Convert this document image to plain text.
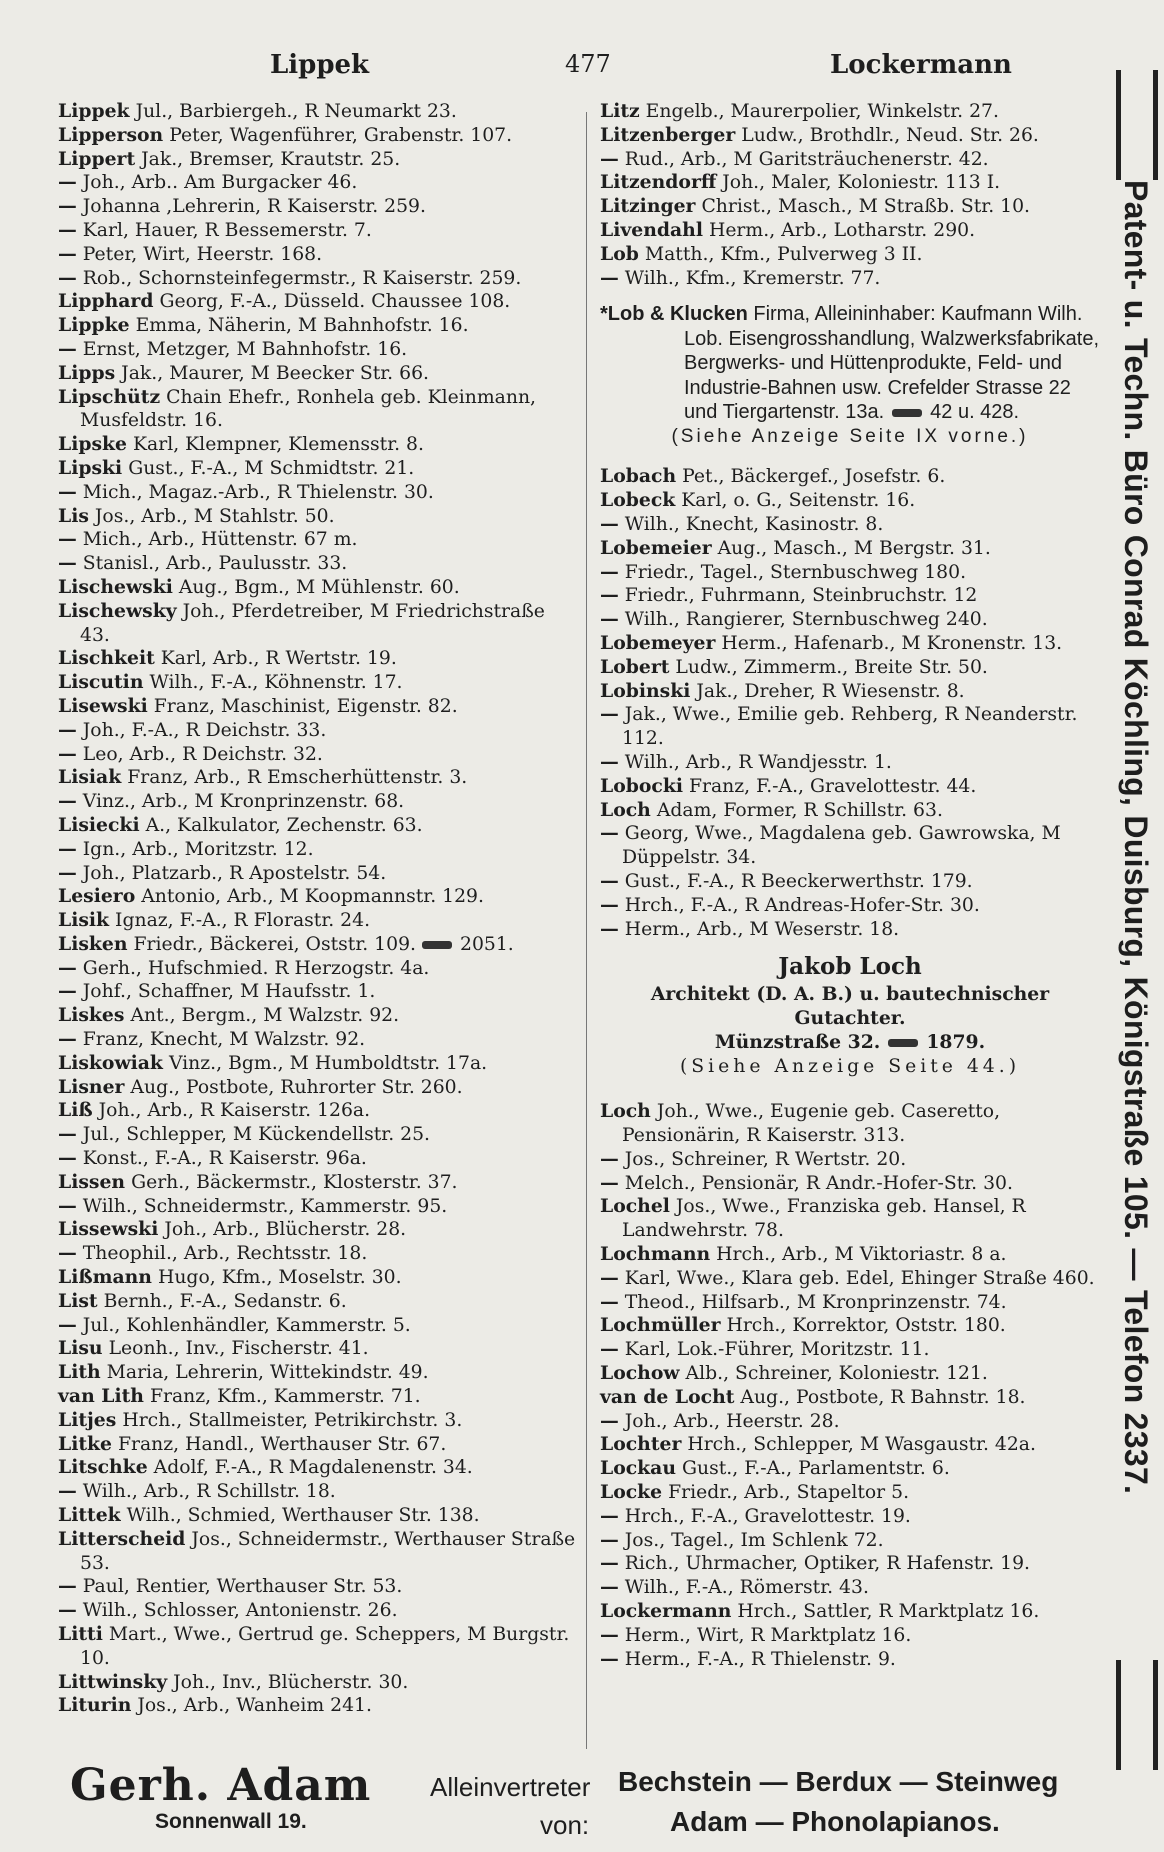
Lippek	477	Lockermann
Lippek Jul., Barbiergeh., R Neumarkt 23.
Lipperson Peter, Wagenführer, Grabenstr. 107.
Lippert Jak., Bremser, Krautstr. 25.
— Joh., Arb.. Am Burgacker 46.
— Johanna ,Lehrerin, R Kaiserstr. 259.
— Karl, Hauer, R Bessemerstr. 7.
— Peter, Wirt, Heerstr. 168.
— Rob., Schornsteinfegermstr., R Kaiserstr. 259.
Lipphard Georg, F.-A., Düsseld. Chaussee 108.
Lippke Emma, Näherin, M Bahnhofstr. 16.
— Ernst, Metzger, M Bahnhofstr. 16.
Lipps Jak., Maurer, M Beecker Str. 66.
Lipschütz Chain Ehefr., Ronhela geb. Kleinmann, Musfeldstr. 16.
Lipske Karl, Klempner, Klemensstr. 8.
Lipski Gust., F.-A., M Schmidtstr. 21.
— Mich., Magaz.-Arb., R Thielenstr. 30.
Lis Jos., Arb., M Stahlstr. 50.
— Mich., Arb., Hüttenstr. 67 m.
— Stanisl., Arb., Paulusstr. 33.
Lischewski Aug., Bgm., M Mühlenstr. 60.
Lischewsky Joh., Pferdetreiber, M Friedrichstraße 43.
Lischkeit Karl, Arb., R Wertstr. 19.
Liscutin Wilh., F.-A., Köhnenstr. 17.
Lisewski Franz, Maschinist, Eigenstr. 82.
— Joh., F.-A., R Deichstr. 33.
— Leo, Arb., R Deichstr. 32.
Lisiak Franz, Arb., R Emscherhüttenstr. 3.
— Vinz., Arb., M Kronprinzenstr. 68.
Lisiecki A., Kalkulator, Zechenstr. 63.
— Ign., Arb., Moritzstr. 12.
— Joh., Platzarb., R Apostelstr. 54.
Lesiero Antonio, Arb., M Koopmannstr. 129.
Lisik Ignaz, F.-A., R Florastr. 24.
Lisken Friedr., Bäckerei, Oststr. 109. 2051.
— Gerh., Hufschmied. R Herzogstr. 4a.
— Johf., Schaffner, M Haufsstr. 1.
Liskes Ant., Bergm., M Walzstr. 92.
— Franz, Knecht, M Walzstr. 92.
Liskowiak Vinz., Bgm., M Humboldtstr. 17a.
Lisner Aug., Postbote, Ruhrorter Str. 260.
Liß Joh., Arb., R Kaiserstr. 126a.
— Jul., Schlepper, M Kückendellstr. 25.
— Konst., F.-A., R Kaiserstr. 96a.
Lissen Gerh., Bäckermstr., Klosterstr. 37.
— Wilh., Schneidermstr., Kammerstr. 95.
Lissewski Joh., Arb., Blücherstr. 28.
— Theophil., Arb., Rechtsstr. 18.
Lißmann Hugo, Kfm., Moselstr. 30.
List Bernh., F.-A., Sedanstr. 6.
— Jul., Kohlenhändler, Kammerstr. 5.
Lisu Leonh., Inv., Fischerstr. 41.
Lith Maria, Lehrerin, Wittekindstr. 49.
van Lith Franz, Kfm., Kammerstr. 71.
Litjes Hrch., Stallmeister, Petrikirchstr. 3.
Litke Franz, Handl., Werthauser Str. 67.
Litschke Adolf, F.-A., R Magdalenenstr. 34.
— Wilh., Arb., R Schillstr. 18.
Littek Wilh., Schmied, Werthauser Str. 138.
Litterscheid Jos., Schneidermstr., Werthauser Straße 53.
— Paul, Rentier, Werthauser Str. 53.
— Wilh., Schlosser, Antonienstr. 26.
Litti Mart., Wwe., Gertrud ge. Scheppers, M Burgstr. 10.
Littwinsky Joh., Inv., Blücherstr. 30.
Liturin Jos., Arb., Wanheim 241.
Litz Engelb., Maurerpolier, Winkelstr. 27.
Litzenberger Ludw., Brothdlr., Neud. Str. 26.
— Rud., Arb., M Garitsträuchenerstr. 42.
Litzendorff Joh., Maler, Koloniestr. 113 I.
Litzinger Christ., Masch., M Straßb. Str. 10.
Livendahl Herm., Arb., Lotharstr. 290.
Lob Matth., Kfm., Pulverweg 3 II.
— Wilh., Kfm., Kremerstr. 77.
*Lob & Klucken Firma, Alleininhaber: Kaufmann Wilh. Lob. Eisengrosshandlung, Walzwerksfabrikate, Bergwerks- und Hüttenprodukte, Feld- und Industrie-Bahnen usw. Crefelder Strasse 22 und Tiergartenstr. 13a. 42 u. 428.
(Siehe Anzeige Seite IX vorne.)
Lobach Pet., Bäckergef., Josefstr. 6.
Lobeck Karl, o. G., Seitenstr. 16.
— Wilh., Knecht, Kasinostr. 8.
Lobemeier Aug., Masch., M Bergstr. 31.
— Friedr., Tagel., Sternbuschweg 180.
— Friedr., Fuhrmann, Steinbruchstr. 12
— Wilh., Rangierer, Sternbuschweg 240.
Lobemeyer Herm., Hafenarb., M Kronenstr. 13.
Lobert Ludw., Zimmerm., Breite Str. 50.
Lobinski Jak., Dreher, R Wiesenstr. 8.
— Jak., Wwe., Emilie geb. Rehberg, R Neanderstr. 112.
— Wilh., Arb., R Wandjesstr. 1.
Lobocki Franz, F.-A., Gravelottestr. 44.
Loch Adam, Former, R Schillstr. 63.
— Georg, Wwe., Magdalena geb. Gawrowska, M Düppelstr. 34.
— Gust., F.-A., R Beeckerwerthstr. 179.
— Hrch., F.-A., R Andreas-Hofer-Str. 30.
— Herm., Arb., M Weserstr. 18.
Jakob Loch
Architekt (D. A. B.) u. bautechnischer Gutachter.
Münzstraße 32. 1879.
(Siehe Anzeige Seite 44.)
Loch Joh., Wwe., Eugenie geb. Caseretto, Pensionärin, R Kaiserstr. 313.
— Jos., Schreiner, R Wertstr. 20.
— Melch., Pensionär, R Andr.-Hofer-Str. 30.
Lochel Jos., Wwe., Franziska geb. Hansel, R Landwehrstr. 78.
Lochmann Hrch., Arb., M Viktoriastr. 8 a.
— Karl, Wwe., Klara geb. Edel, Ehinger Straße 460.
— Theod., Hilfsarb., M Kronprinzenstr. 74.
Lochmüller Hrch., Korrektor, Oststr. 180.
— Karl, Lok.-Führer, Moritzstr. 11.
Lochow Alb., Schreiner, Koloniestr. 121.
van de Locht Aug., Postbote, R Bahnstr. 18.
— Joh., Arb., Heerstr. 28.
Lochter Hrch., Schlepper, M Wasgaustr. 42a.
Lockau Gust., F.-A., Parlamentstr. 6.
Locke Friedr., Arb., Stapeltor 5.
— Hrch., F.-A., Gravelottestr. 19.
— Jos., Tagel., Im Schlenk 72.
— Rich., Uhrmacher, Optiker, R Hafenstr. 19.
— Wilh., F.-A., Römerstr. 43.
Lockermann Hrch., Sattler, R Marktplatz 16.
— Herm., Wirt, R Marktplatz 16.
— Herm., F.-A., R Thielenstr. 9.
Patent- u. Techn. Büro Conrad Köchling, Duisburg, Königstraße 105. — Telefon 2337.
Gerh. Adam
Sonnenwall 19.
Alleinvertreter
von:
Bechstein — Berdux — Steinweg
Adam — Phonolapianos.
